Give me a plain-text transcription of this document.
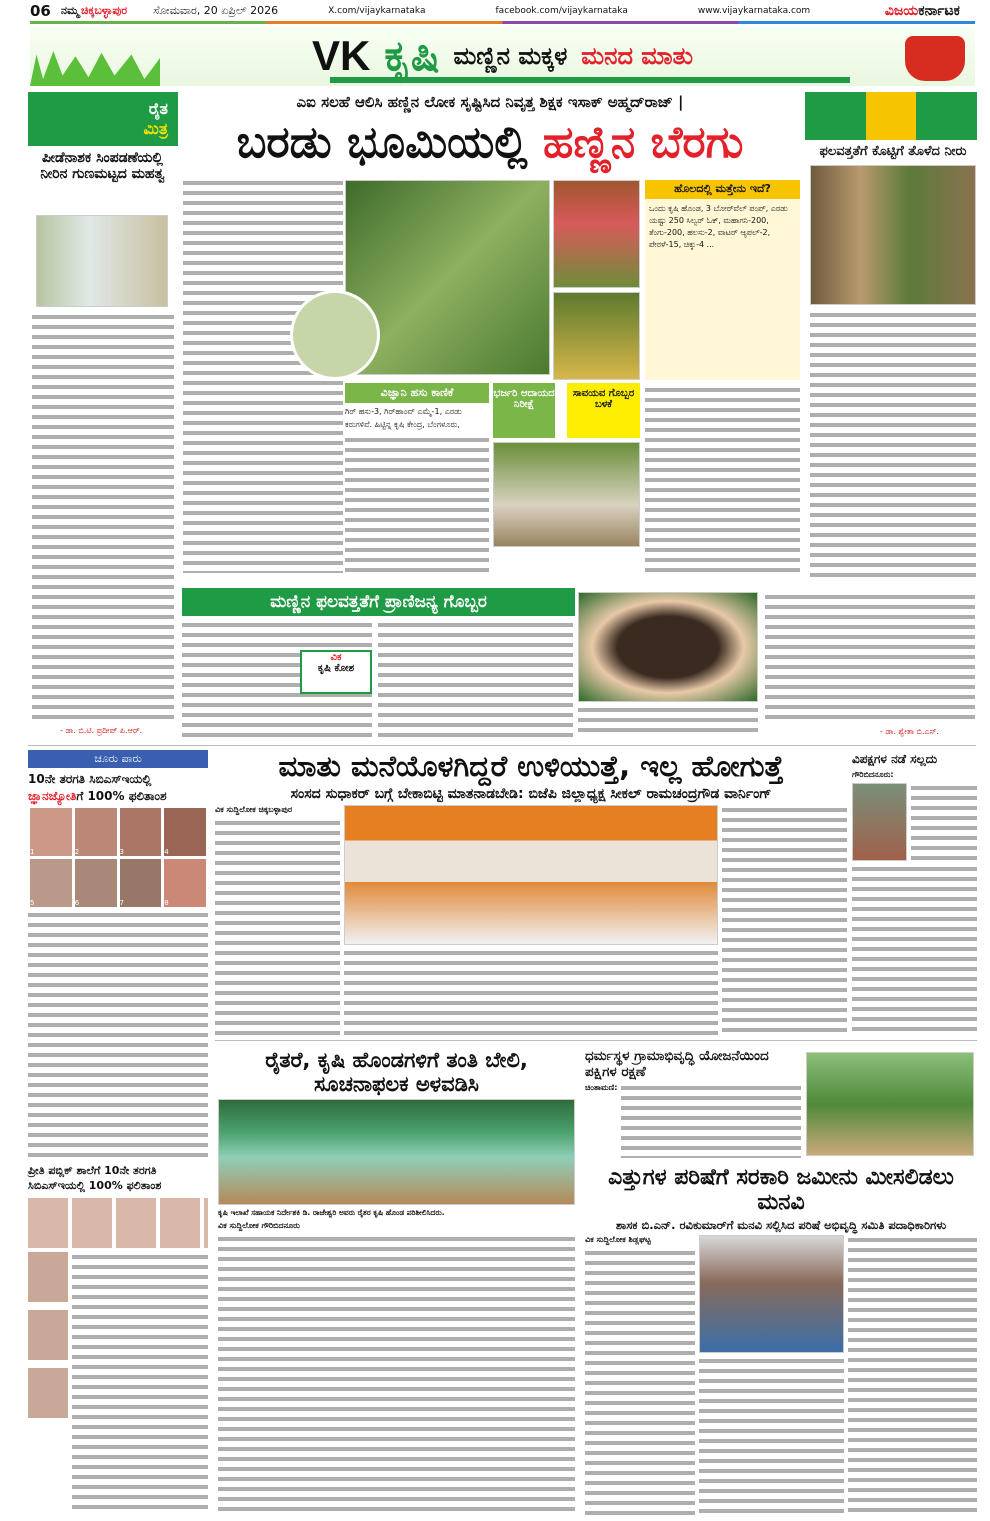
06 ನಮ್ಮ ಚಿಕ್ಕಬಳ್ಳಾಪುರ ಸೋಮವಾರ, 20 ಏಪ್ರಿಲ್ 2026	X.com/vijaykarnataka	facebook.com/vijaykarnataka	www.vijaykarnataka.com	ವಿಜಯಕರ್ನಾಟಕ
VK ಕೃಷಿ ಮಣ್ಣಿನ ಮಕ್ಕಳ ಮನದ ಮಾತು
ರೈತ
ಮಿತ್ರ
ಪೀಡೆನಾಶಕ ಸಿಂಪಡಣೆಯಲ್ಲಿ ನೀರಿನ ಗುಣಮಟ್ಟದ ಮಹತ್ವ
- ಡಾ. ಬಿ.ಟಿ. ಪ್ರದೀಪ್ ಪಿ.ಆರ್.
ಎಐ ಸಲಹೆ ಆಲಿಸಿ ಹಣ್ಣಿನ ಲೋಕ ಸೃಷ್ಟಿಸಿದ ನಿವೃತ್ತ ಶಿಕ್ಷಕ ಇಸಾಕ್ ಅಹ್ಮದ್‌ರಾಜ್ |
ಬರಡು ಭೂಮಿಯಲ್ಲಿ ಹಣ್ಣಿನ ಬೆರಗು
ಹೊಲದಲ್ಲಿ ಮತ್ತೇನು ಇದೆ?
ಒಂದು ಕೃಷಿ ಹೊಂಡ, 3 ಬೋರ್‌ವೆಲ್ ಪಂಪ್, ಎರಡು ಯಷ್ಟು 250 ಸಿಲ್ವರ್ ಓಕ್, ಮಹಾಗನಿ-200, ತೆಂಗು-200, ಹಲಸು-2, ವಾಟರ್ ಆ್ಯಪಲ್-2, ಪೇರಳೆ-15, ಚಿಕ್ಕು-4 ...
ವಿಜ್ಞಾನಿ ಹಸು ಕಾಣಿಕೆ
ಗಿರ್ ಹಸು-3, ಗಿರ್‌ಹಾಂವ್ ಎಮ್ಮೆ-1, ಎರಡು ಕರುಗಳಿವೆ. ಹಿಟ್ಟಿನ್ನ ಕೃಷಿ ಕೇಂದ್ರ, ಬೆಂಗಳೂರು,
ಭರ್ಜರಿ ಆದಾಯದ ನಿರೀಕ್ಷೆ
ಸಾವಯವ ಗೊಬ್ಬರ ಬಳಕೆ
ಫಲವತ್ತತೆಗೆ ಕೊಟ್ಟಿಗೆ ತೊಳೆದ ನೀರು
ಮಣ್ಣಿನ ಫಲವತ್ತತೆಗೆ ಪ್ರಾಣಿಜನ್ಯ ಗೊಬ್ಬರ
ವಿಕ
ಕೃಷಿ ಕೋಶ
- ಡಾ. ಶ್ವೇತಾ ಬಿ.ಎಸ್.
ಚೂರು ಪಾರು
10ನೇ ತರಗತಿ ಸಿಬಿಎಸ್‌ಇಯಲ್ಲಿ
ಜ್ಞಾನಜ್ಯೋತಿಗೆ 100% ಫಲಿತಾಂಶ
1	2	3	4
5	6	7	8
ಪ್ರೀತಿ ಪಬ್ಲಿಕ್ ಶಾಲೆಗೆ 10ನೇ ತರಗತಿ ಸಿಬಿಎಸ್‌ಇಯಲ್ಲಿ 100% ಫಲಿತಾಂಶ
ಮಾತು ಮನೆಯೊಳಗಿದ್ದರೆ ಉಳಿಯುತ್ತೆ, ಇಲ್ಲ ಹೋಗುತ್ತೆ
ಸಂಸದ ಸುಧಾಕರ್ ಬಗ್ಗೆ ಬೇಕಾಬಿಟ್ಟಿ ಮಾತನಾಡಬೇಡಿ: ಬಿಜೆಪಿ ಜಿಲ್ಲಾಧ್ಯಕ್ಷ ಸೀಕಲ್ ರಾಮಚಂದ್ರಗೌಡ ವಾರ್ನಿಂಗ್
ವಿಕ ಸುದ್ದಿಲೋಕ ಚಿಕ್ಕಬಳ್ಳಾಪುರ
ವಿಪಕ್ಷಗಳ ನಡೆ ಸಲ್ಲದು
ಗೌರಿಬಿದನೂರು:
ರೈತರೆ, ಕೃಷಿ ಹೊಂಡಗಳಿಗೆ ತಂತಿ ಬೇಲಿ, ಸೂಚನಾಫಲಕ ಅಳವಡಿಸಿ
ಕೃಷಿ ಇಲಾಖೆ ಸಹಾಯಕ ನಿರ್ದೇಶಕಿ ಡಿ. ರಾಜೇಶ್ವರಿ ಅವರು ರೈತರ ಕೃಷಿ ಹೊಂಡ ಪರಿಶೀಲಿಸಿದರು.
ವಿಕ ಸುದ್ದಿಲೋಕ ಗೌರಿಬಿದನೂರು
ಧರ್ಮಸ್ಥಳ ಗ್ರಾಮಾಭಿವೃದ್ಧಿ ಯೋಜನೆಯಿಂದ ಪಕ್ಷಿಗಳ ರಕ್ಷಣೆ
ಚಿಂತಾಮಣಿ:
ಎತ್ತುಗಳ ಪರಿಷೆಗೆ ಸರಕಾರಿ ಜಮೀನು ಮೀಸಲಿಡಲು ಮನವಿ
ಶಾಸಕ ಬಿ.ಎನ್. ರವಿಕುಮಾರ್‌ಗೆ ಮನವಿ ಸಲ್ಲಿಸಿದ ಪರಿಷೆ ಅಭಿವೃದ್ಧಿ ಸಮಿತಿ ಪದಾಧಿಕಾರಿಗಳು
ವಿಕ ಸುದ್ದಿಲೋಕ ಶಿಡ್ಲಘಟ್ಟ
